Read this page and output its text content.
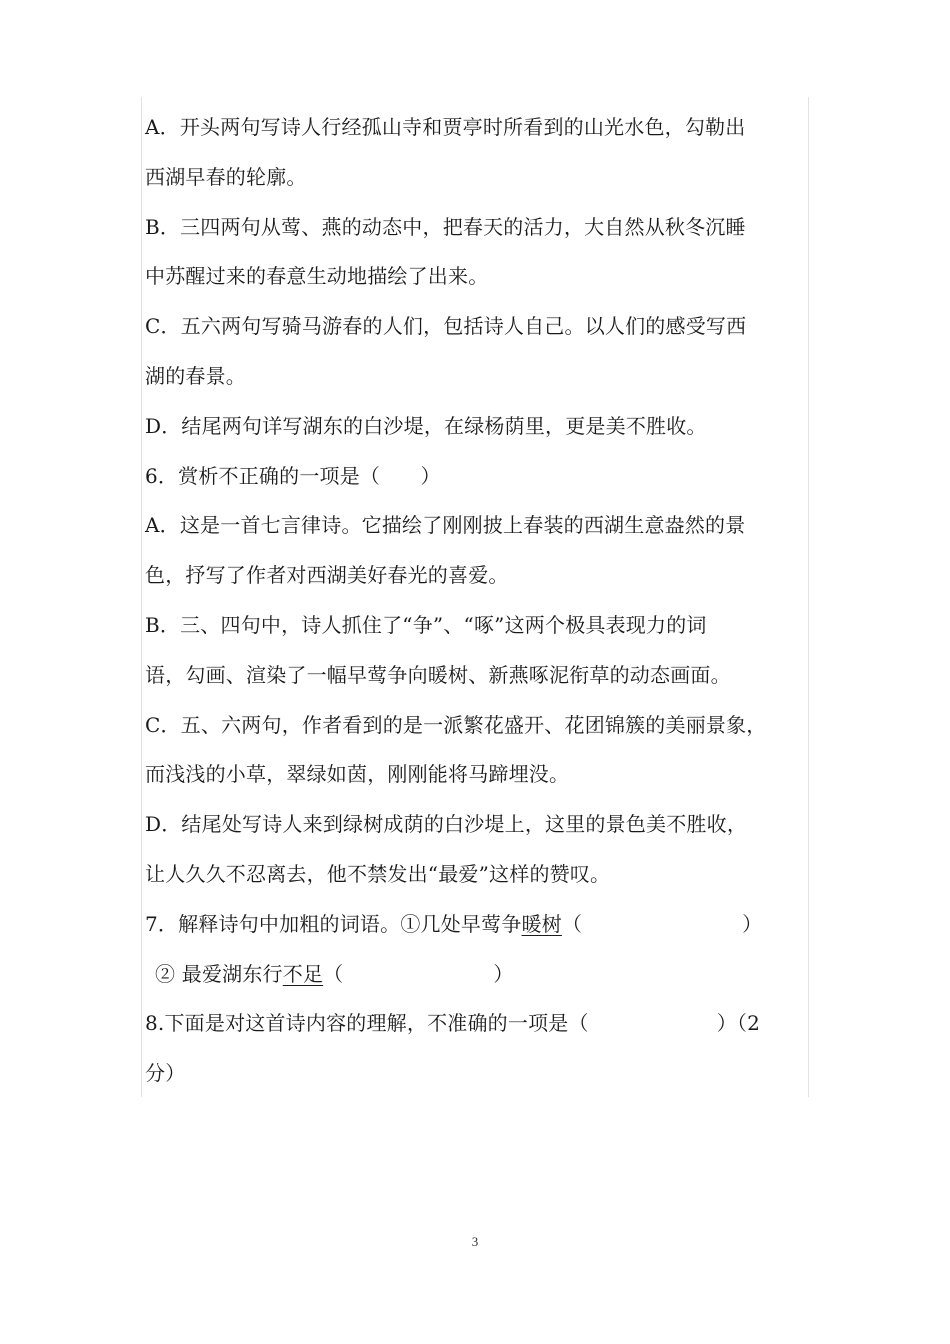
A．开头两句写诗人行经孤山寺和贾亭时所看到的山光水色，勾勒出
西湖早春的轮廓。
B．三四两句从莺、燕的动态中，把春天的活力，大自然从秋冬沉睡
中苏醒过来的春意生动地描绘了出来。
C．五六两句写骑马游春的人们，包括诗人自己。以人们的感受写西
湖的春景。
D．结尾两句详写湖东的白沙堤，在绿杨荫里，更是美不胜收。
6．赏析不正确的一项是（　　）
A．这是一首七言律诗。它描绘了刚刚披上春装的西湖生意盎然的景
色，抒写了作者对西湖美好春光的喜爱。
B．三、四句中，诗人抓住了“争”、“啄”这两个极具表现力的词
语，勾画、渲染了一幅早莺争向暖树、新燕啄泥衔草的动态画面。
C．五、六两句，作者看到的是一派繁花盛开、花团锦簇的美丽景象，
而浅浅的小草，翠绿如茵，刚刚能将马蹄埋没。
D．结尾处写诗人来到绿树成荫的白沙堤上，这里的景色美不胜收，
让人久久不忍离去，他不禁发出“最爱”这样的赞叹。
7．解释诗句中加粗的词语。①几处早莺争暖树（	）
② 最爱湖东行不足（	）
8.下面是对这首诗内容的理解，不准确的一项是（	）（2
分）
3
